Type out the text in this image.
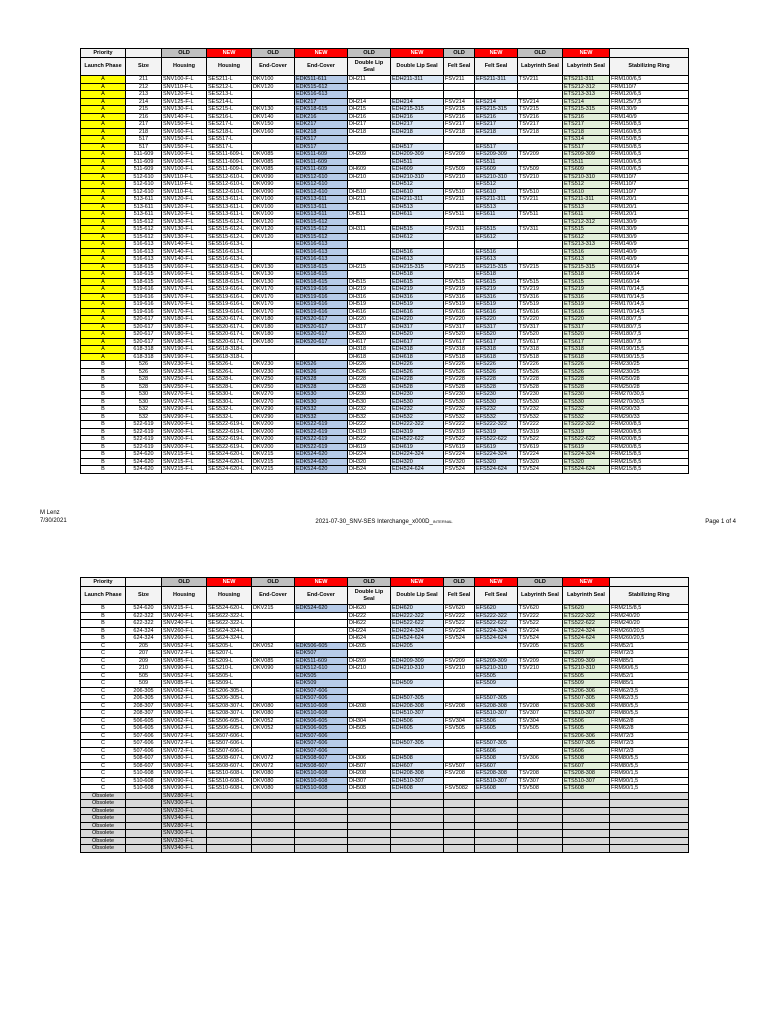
Priority		OLD	NEW	OLD	NEW	OLD	NEW	OLD	NEW	OLD	NEW	
Launch Phase	Size	Housing	Housing	End-Cover	End-Cover	Double Lip Seal	Double Lip Seal	Felt Seal	Felt Seal	Labyrinth Seal	Labyrinth Seal	Stabilizing Ring
A	211	SNV100-F-L	SES211-L	DKV100	EDK511-611	DH211	EDH211-311	FSV211	EFS211-311	TSV211	ETS211-311	FRM100/6,5
A	212	SNV110-F-L	SES212-L	DKV120	EDK515-612						ETS212-312	FRM110/7
A	213	SNV120-F-L	SES213-L		EDK516-613						ETS213-313	FRM120/6,5
A	214	SNV125-F-L	SES214-L		EDK217	DH214	EDH214	FSV214	EFS214	TSV214	ETS214	FRM125/7,5
A	215	SNV130-F-L	SES215-L	DKV130	EDK518-615	DH215	EDH215-315	FSV215	EFS215-315	TSV215	ETS215-315	FRM130/9
A	216	SNV140-F-L	SES216-L	DKV140	EDK216	DH216	EDH216	FSV216	EFS216	TSV216	ETS216	FRM140/9
A	217	SNV150-F-L	SES217-L	DKV150	EDK217	DH217	EDH217	FSV217	EFS217	TSV217	ETS217	FRM150/8,5
A	218	SNV160-F-L	SES218-L	DKV160	EDK218	DH218	EDH218	FSV218	EFS218	TSV218	ETS218	FRM160/8,5
A	517	SNV150-F-L	SES517-L		EDK517						ETS314	FRM150/8,5
A	517	SNV150-F-L	SES517-L		EDK517		EDH517		EFS517		ETS517	FRM150/8,5
A	511-609	SNV100-F-L	SES511-609-L	DKV085	EDK511-609	DH209	EDH209-309	FSV209	EFS209-309	TSV209	ETS209-309	FRM100/6,5
A	511-609	SNV100-F-L	SES511-609-L	DKV085	EDK511-609		EDH511		EFS511		ETS511	FRM100/6,5
A	511-609	SNV100-F-L	SES511-609-L	DKV085	EDK511-609	DH609	EDH609	FSV509	EFS609	TSV509	ETS609	FRM100/6,5
A	512-610	SNV110-F-L	SES512-610-L	DKV090	EDK512-610	DH210	EDH210-310	FSV210	EFS210-310	TSV210	ETS210-310	FRM110/7
A	512-610	SNV110-F-L	SES512-610-L	DKV090	EDK512-610		EDH512		EFS512		ETS512	FRM110/7
A	512-610	SNV110-F-L	SES512-610-L	DKV090	EDK512-610	DH510	EDH610	FSV510	EFS610	TSV510	ETS610	FRM110/7
A	513-611	SNV120-F-L	SES513-611-L	DKV100	EDK513-611	DH211	EDH211-311	FSV211	EFS211-311	TSV211	ETS211-311	FRM120/1
A	513-611	SNV120-F-L	SES513-611-L	DKV100	EDK513-611		EDH513		EFS513		ETS513	FRM120/1
A	513-611	SNV120-F-L	SES513-611-L	DKV100	EDK513-611	DH511	EDH611	FSV511	EFS611	TSV511	ETS611	FRM120/1
A	515-612	SNV130-F-L	SES515-612-L	DKV120	EDK515-612						ETS212-312	FRM130/9
A	515-612	SNV130-F-L	SES515-612-L	DKV120	EDK515-612	DH311	EDH515	FSV311	EFS515	TSV311	ETS515	FRM130/9
A	515-612	SNV130-F-L	SES515-612-L	DKV120	EDK515-612		EDH612		EFS612		ETS612	FRM130/9
A	516-613	SNV140-F-L	SES516-613-L		EDK516-613						ETS213-313	FRM140/9
A	516-613	SNV140-F-L	SES516-613-L		EDK516-613		EDH516		EFS516		ETS516	FRM140/9
A	516-613	SNV140-F-L	SES516-613-L		EDK516-613		EDH613		EFS613		ETS613	FRM140/9
A	518-615	SNV160-F-L	SES518-615-L	DKV130	EDK518-615	DH215	EDH215-315	FSV215	EFS215-315	TSV215	ETS215-315	FRM160/14
A	518-615	SNV160-F-L	SES518-615-L	DKV130	EDK518-615		EDH518		EFS518		ETS518	FRM160/14
A	518-615	SNV160-F-L	SES518-615-L	DKV130	EDK518-615	DH515	EDH615	FSV515	EFS615	TSV515	ETS615	FRM160/14
A	519-616	SNV170-F-L	SES519-616-L	DKV170	EDK519-616	DH219	EDH219	FSV219	EFS219	TSV219	ETS219	FRM170/14,5
A	519-616	SNV170-F-L	SES519-616-L	DKV170	EDK519-616	DH316	EDH316	FSV316	EFS316	TSV316	ETS316	FRM170/14,5
A	519-616	SNV170-F-L	SES519-616-L	DKV170	EDK519-616	DH519	EDH519	FSV519	EFS519	TSV519	ETS519	FRM170/14,5
A	519-616	SNV170-F-L	SES519-616-L	DKV170	EDK519-616	DH616	EDH616	FSV616	EFS616	TSV616	ETS616	FRM170/14,5
A	520-617	SNV180-F-L	SES520-617-L	DKV180	EDK520-617	DH220	EDH220	FSV220	EFS220	TSV220	ETS220	FRM180/7,5
A	520-617	SNV180-F-L	SES520-617-L	DKV180	EDK520-617	DH317	EDH317	FSV317	EFS317	TSV317	ETS317	FRM180/7,5
A	520-617	SNV180-F-L	SES520-617-L	DKV180	EDK520-617	DH520	EDH520	FSV520	EFS520	TSV520	ETS520	FRM180/7,5
A	520-617	SNV180-F-L	SES520-617-L	DKV180	EDK520-617	DH617	EDH617	FSV617	EFS617	TSV617	ETS617	FRM180/7,5
A	618-318	SNV190-F-L	SES618-318-L			DH318	EDH318	FSV318	EFS318	TSV318	ETS318	FRM190/15,5
A	618-318	SNV190-F-L	SES618-318-L			DH618	EDH618	FSV518	EFS618	TSV518	ETS618	FRM190/15,5
B	526	SNV230-F-L	SES526-L	DKV230	EDK526	DH226	EDH226	FSV226	EFS226	TSV226	ETS226	FRM230/25
B	526	SNV230-F-L	SES526-L	DKV230	EDK526	DH526	EDH526	FSV526	EFS526	TSV526	ETS526	FRM230/25
B	528	SNV250-F-L	SES528-L	DKV250	EDK528	DH228	EDH228	FSV228	EFS228	TSV228	ETS228	FRM250/28
B	528	SNV250-F-L	SES528-L	DKV250	EDK528	DH528	EDH528	FSV528	EFS528	TSV528	ETS528	FRM250/28
B	530	SNV270-F-L	SES530-L	DKV270	EDK530	DH230	EDH230	FSV230	EFS230	TSV230	ETS230	FRM270/30,5
B	530	SNV270-F-L	SES530-L	DKV270	EDK530	DH530	EDH530	FSV530	EFS530	TSV530	ETS530	FRM270/30,5
B	532	SNV290-F-L	SES532-L	DKV290	EDK532	DH232	EDH232	FSV232	EFS232	TSV232	ETS232	FRM290/33
B	532	SNV290-F-L	SES532-L	DKV290	EDK532	DH532	EDH532	FSV532	EFS532	TSV532	ETS532	FRM290/33
B	522-619	SNV200-F-L	SES522-619-L	DKV200	EDK522-619	DH222	EDH222-322	FSV222	EFS222-322	TSV222	ETS222-322	FRM200/8,5
B	522-619	SNV200-F-L	SES522-619-L	DKV200	EDK522-619	DH319	EDH319	FSV319	EFS319	TSV319	ETS319	FRM200/8,5
B	522-619	SNV200-F-L	SES522-619-L	DKV200	EDK522-619	DH522	EDH522-622	FSV522	EFS522-622	TSV522	ETS522-622	FRM200/8,5
B	522-619	SNV200-F-L	SES522-619-L	DKV200	EDK522-619	DH619	EDH619	FSV619	EFS619	TSV619	ETS619	FRM200/8,5
B	524-620	SNV215-F-L	SES524-620-L	DKV215	EDK524-620	DH224	EDH224-324	FSV224	EFS224-324	TSV224	ETS224-324	FRM215/8,5
B	524-620	SNV215-F-L	SES524-620-L	DKV215	EDK524-620	DH320	EDH320	FSV320	EFS320	TSV320	ETS320	FRM215/8,5
B	524-620	SNV215-F-L	SES524-620-L	DKV215	EDK524-620	DH524	EDH524-624	FSV524	EFS524-624	TSV524	ETS524-624	FRM215/8,5
M Lenz
7/30/2021	2021-07-30_SNV-SES Interchange_x000D_INTERNAL	Page 1 of 4
Priority		OLD	NEW	OLD	NEW	OLD	NEW	OLD	NEW	OLD	NEW	
Launch Phase	Size	Housing	Housing	End-Cover	End-Cover	Double Lip Seal	Double Lip Seal	Felt Seal	Felt Seal	Labyrinth Seal	Labyrinth Seal	Stabilizing Ring
B	524-620	SNV215-F-L	SES524-620-L	DKV215	EDK524-620	DH620	EDH620	FSV620	EFS620	TSV620	ETS620	FRM215/8,5
B	622-322	SNV240-F-L	SES622-322-L			DH222	EDH222-322	FSV222	EFS222-322	TSV222	ETS222-322	FRM240/20
B	622-322	SNV240-F-L	SES622-322-L			DH622	EDH522-622	FSV522	EFS522-622	TSV522	ETS522-622	FRM240/20
B	624-324	SNV260-F-L	SES624-324-L			DH224	EDH224-324	FSV224	EFS224-324	TSV224	ETS224-324	FRM260/20,5
B	624-324	SNV260-F-L	SES624-324-L			DH624	EDH524-624	FSV524	EFS524-624	TSV524	ETS524-624	FRM260/20,5
C	205	SNV052-F-L	SES205-L	DKV052	EDK506-605	DH205	EDH205			TSV205	ETS205	FRM52/1
C	207	SNV072-F-L	SES207-L		EDK507						ETS207	FRM72/3
C	209	SNV085-F-L	SES209-L	DKV085	EDK511-609	DH209	EDH209-309	FSV209	EFS209-309	TSV209	ETS209-309	FRM85/1
C	210	SNV090-F-L	SES210-L	DKV090	EDK512-610	DH210	EDH210-310	FSV210	EFS210-310	TSV210	ETS210-310	FRM90/6,5
C	505	SNV052-F-L	SES505-L		EDK505				EFS505		ETS505	FRM52/1
C	509	SNV085-F-L	SES509-L		EDK509		EDH509		EFS509		ETS509	FRM85/1
C	206-305	SNV062-F-L	SES206-305-L		EDK507-606						ETS206-306	FRM62/3,5
C	206-305	SNV062-F-L	SES206-305-L		EDK507-606		EDH507-305		EFS507-305		ETS507-305	FRM62/3,5
C	208-307	SNV080-F-L	SES208-307-L	DKV080	EDK510-608	DH208	EDH208-308	FSV208	EFS208-308	TSV208	ETS208-308	FRM80/5,5
C	208-307	SNV080-F-L	SES208-307-L	DKV080	EDK510-608		EDH510-307		EFS510-307	TSV307	ETS510-307	FRM80/5,5
C	506-605	SNV062-F-L	SES506-605-L	DKV052	EDK506-605	DH304	EDH506	FSV304	EFS506	TSV304	ETS506	FRM62/8
C	506-605	SNV062-F-L	SES506-605-L	DKV052	EDK506-605	DH505	EDH605	FSV505	EFS605	TSV505	ETS605	FRM62/8
C	507-606	SNV072-F-L	SES507-606-L		EDK507-606						ETS206-306	FRM72/3
C	507-606	SNV072-F-L	SES507-606-L		EDK507-606		EDH507-305		EFS507-305		ETS507-305	FRM72/3
C	507-606	SNV072-F-L	SES507-606-L		EDK507-606				EFS606		ETS606	FRM72/3
C	508-607	SNV080-F-L	SES508-607-L	DKV072	EDK508-607	DH306	EDH508		EFS508	TSV306	ETS508	FRM80/5,5
C	508-607	SNV080-F-L	SES508-607-L	DKV072	EDK508-607	DH507	EDH607	FSV507	EFS607		ETS607	FRM80/5,5
C	510-608	SNV090-F-L	SES510-608-L	DKV080	EDK510-608	DH208	EDH208-308	FSV208	EFS208-308	TSV208	ETS208-308	FRM90/1,5
C	510-608	SNV090-F-L	SES510-608-L	DKV080	EDK510-608	DH307	EDH510-307		EFS510-307	TSV307	ETS510-307	FRM90/1,5
C	510-608	SNV090-F-L	SES510-608-L	DKV080	EDK510-608	DH508	EDH608	FSV5082	EFS608	TSV508	ETS608	FRM90/1,5
Obsolete		SNV280-F-L										
Obsolete		SNV300-F-L										
Obsolete		SNV320-F-L										
Obsolete		SNV340-F-L										
Obsolete		SNV280-F-L										
Obsolete		SNV300-F-L										
Obsolete		SNV320-F-L										
Obsolete		SNV340-F-L										
